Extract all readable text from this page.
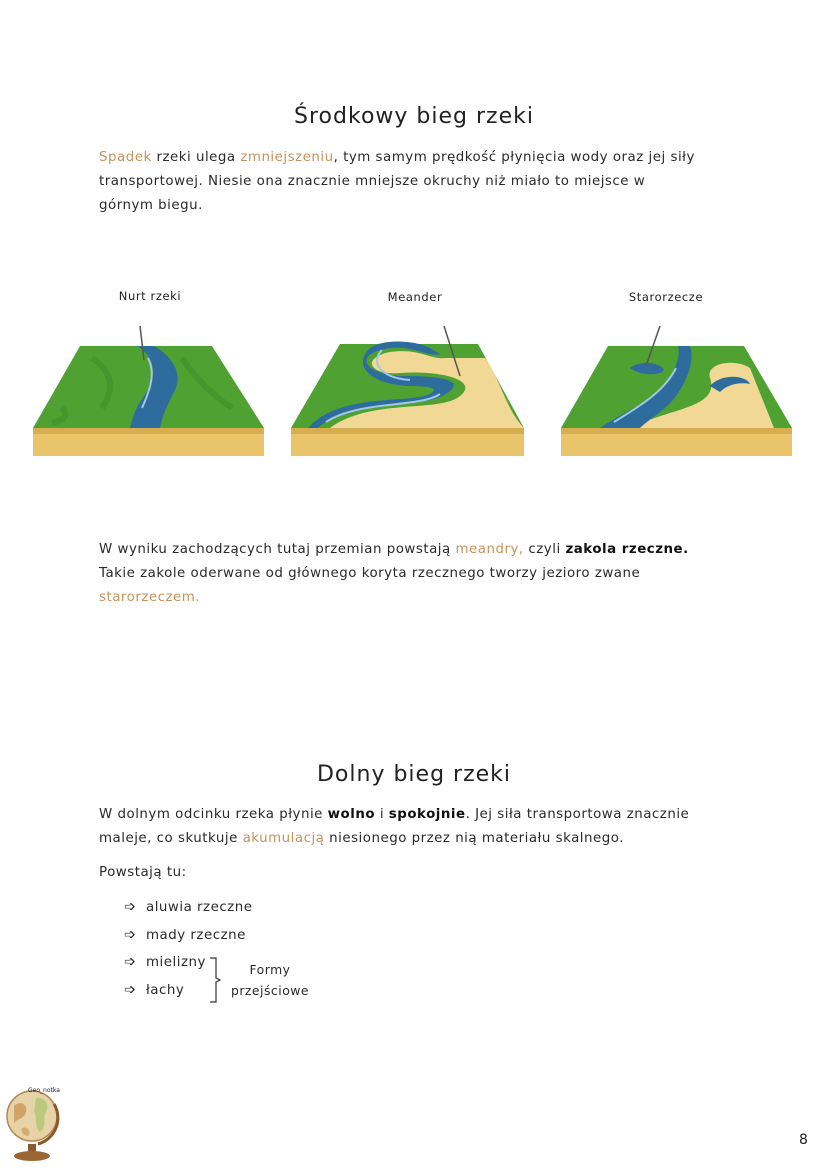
Środkowy bieg rzeki
Spadek rzeki ulega zmniejszeniu, tym samym prędkość płynięcia wody oraz jej siły transportowej. Niesie ona znacznie mniejsze okruchy niż miało to miejsce w górnym biegu.
Nurt rzeki	Meander	Starorzecze
W wyniku zachodzących tutaj przemian powstają meandry, czyli zakola rzeczne. Takie zakole oderwane od głównego koryta rzecznego tworzy jezioro zwane starorzeczem.
Dolny bieg rzeki
W dolnym odcinku rzeka płynie wolno i spokojnie. Jej siła transportowa znacznie maleje, co skutkuje akumulacją niesionego przez nią materiału skalnego.
Powstają tu:
➩ aluwia rzeczne
➩ mady rzeczne
➩ mielizny
➩ łachy
Formy
przejściowe
Geo_notka
8
